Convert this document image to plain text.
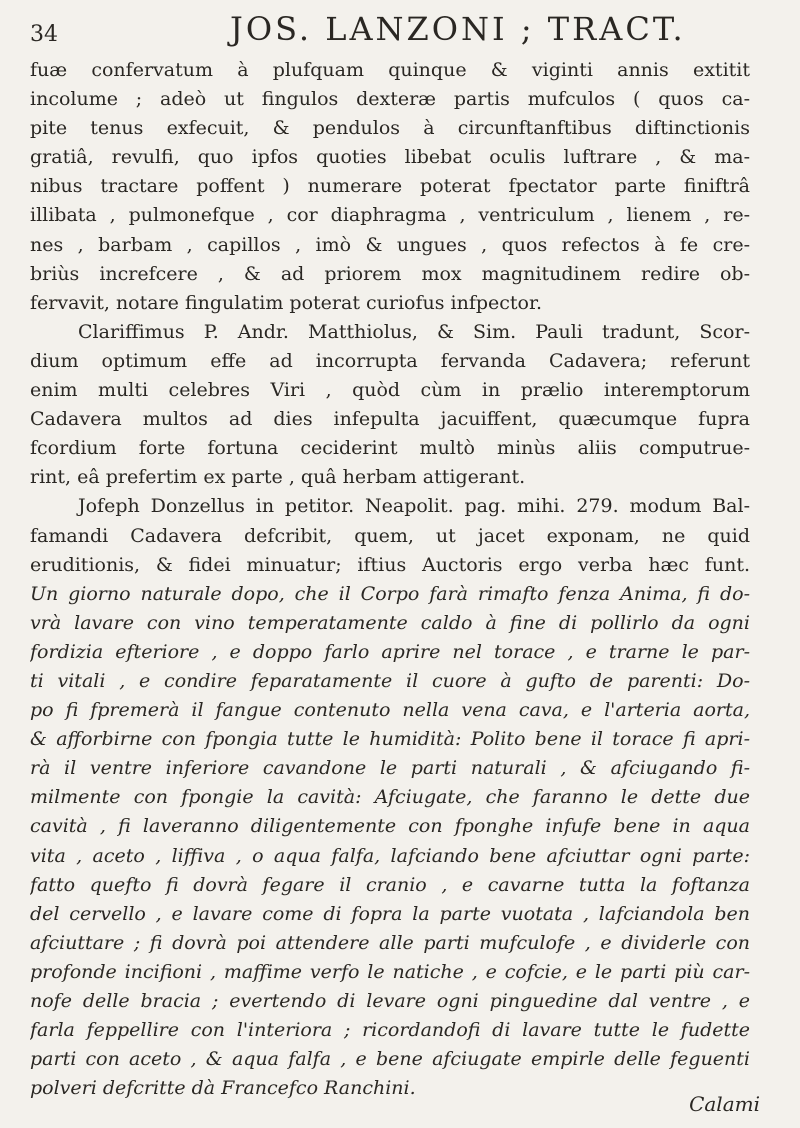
34	JOS. LANZONI ; TRACT.
fuæ confervatum à plufquam quinque & viginti annis extitit
incolume ; adeò ut fingulos dexteræ partis mufculos ( quos ca-
pite tenus exfecuit, & pendulos à circunftanftibus diftinctionis
gratiâ, revulfi, quo ipfos quoties libebat oculis luftrare , & ma-
nibus tractare poffent ) numerare poterat fpectator parte finiftrâ
illibata , pulmonefque , cor diaphragma , ventriculum , lienem , re-
nes , barbam , capillos , imò & ungues , quos refectos à fe cre-
briùs increfcere , & ad priorem mox magnitudinem redire ob-
fervavit, notare fingulatim poterat curiofus infpector.
Clariffimus P. Andr. Matthiolus, & Sim. Pauli tradunt, Scor-
dium optimum effe ad incorrupta fervanda Cadavera; referunt
enim multi celebres Viri , quòd cùm in prælio interemptorum
Cadavera multos ad dies infepulta jacuiffent, quæcumque fupra
fcordium forte fortuna ceciderint multò minùs aliis computrue-
rint, eâ prefertim ex parte , quâ herbam attigerant.
Jofeph Donzellus in petitor. Neapolit. pag. mihi. 279. modum Bal-
famandi Cadavera defcribit, quem, ut jacet exponam, ne quid
eruditionis, & fidei minuatur; iftius Auctoris ergo verba hæc funt.
Un giorno naturale dopo, che il Corpo farà rimafto fenza Anima, fi do-
vrà lavare con vino temperatamente caldo à fine di pollirlo da ogni
fordizia efteriore , e doppo farlo aprire nel torace , e trarne le par-
ti vitali , e condire feparatamente il cuore à gufto de parenti: Do-
po fi fpremerà il fangue contenuto nella vena cava, e l'arteria aorta,
& afforbirne con fpongia tutte le humidità: Polito bene il torace fi apri-
rà il ventre inferiore cavandone le parti naturali , & afciugando fi-
milmente con fpongie la cavità: Afciugate, che faranno le dette due
cavità , fi laveranno diligentemente con fponghe infufe bene in aqua
vita , aceto , liffiva , o aqua falfa, lafciando bene afciuttar ogni parte:
fatto quefto fi dovrà fegare il cranio , e cavarne tutta la foftanza
del cervello , e lavare come di fopra la parte vuotata , lafciandola ben
afciuttare ; fi dovrà poi attendere alle parti mufculofe , e dividerle con
profonde incifioni , maffime verfo le natiche , e cofcie, e le parti più car-
nofe delle bracia ; evertendo di levare ogni pinguedine dal ventre , e
farla feppellire con l'interiora ; ricordandofi di lavare tutte le fudette
parti con aceto , & aqua falfa , e bene afciugate empirle delle feguenti
polveri defcritte dà Francefco Ranchini.
Calami
